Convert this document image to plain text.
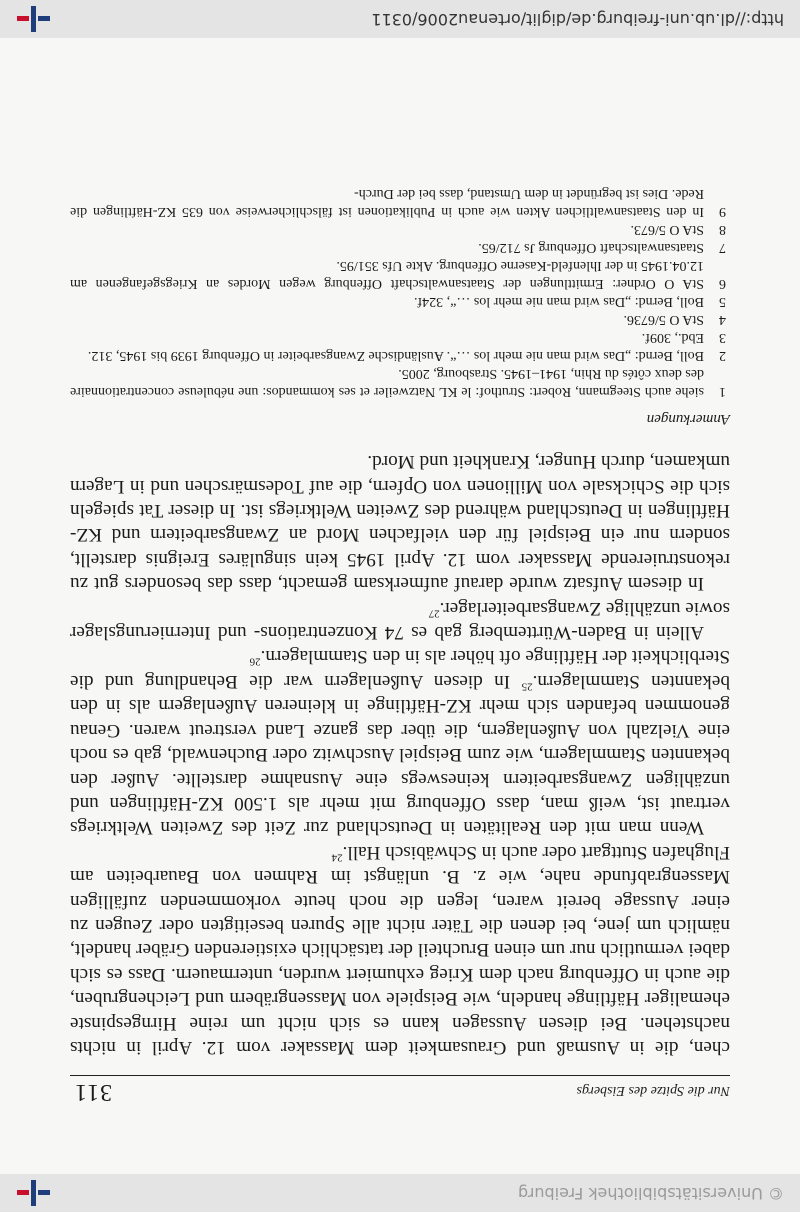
© Universitätsbibliothek Freiburg
Nur die Spitze des Eisbergs
311

chen, die in Ausmaß und Grausamkeit dem Massaker vom 12. April in nichts nachstehen. Bei diesen Aussagen kann es sich nicht um reine Hirngespinste ehemaliger Häftlinge handeln, wie Beispiele von Massengräbern und Leichengruben, die auch in Offenburg nach dem Krieg exhumiert wurden, untermauern. Dass es sich dabei vermutlich nur um einen Bruchteil der tatsächlich existierenden Gräber handelt, nämlich um jene, bei denen die Täter nicht alle Spuren beseitigten oder Zeugen zu einer Aussage bereit waren, legen die noch heute vorkommenden zufälligen Massengrabfunde nahe, wie z. B. unlängst im Rahmen von Bauarbeiten am Flughafen Stuttgart oder auch in Schwäbisch Hall.$^{24}$

Wenn man mit den Realitäten in Deutschland zur Zeit des Zweiten Weltkriegs vertraut ist, weiß man, dass Offenburg mit mehr als 1.500 KZ-Häftlingen und unzähligen Zwangsarbeitern keineswegs eine Ausnahme darstellte. Außer den bekannten Stammlagern, wie zum Beispiel Auschwitz oder Buchenwald, gab es noch eine Vielzahl von Außenlagern, die über das ganze Land verstreut waren. Genau genommen befanden sich mehr KZ-Häftlinge in kleineren Außenlagern als in den bekannten Stammlagern.$^{25}$ In diesen Außenlagern war die Behandlung und die Sterblichkeit der Häftlinge oft höher als in den Stammlagern.$^{26}$

Allein in Baden-Württemberg gab es 74 Konzentrations- und Internierungslager sowie unzählige Zwangsarbeiterlager.$^{27}$

In diesem Aufsatz wurde darauf aufmerksam gemacht, dass das besonders gut zu rekonstruierende Massaker vom 12. April 1945 kein singuläres Ereignis darstellt, sondern nur ein Beispiel für den vielfachen Mord an Zwangsarbeitern und KZ-Häftlingen in Deutschland während des Zweiten Weltkriegs ist. In dieser Tat spiegeln sich die Schicksale von Millionen von Opfern, die auf Todesmärschen und in Lagern umkamen, durch Hunger, Krankheit und Mord.

Anmerkungen
1
siehe auch Steegmann, Robert: Struthof: le KL Natzweiler et ses kommandos: une nébuleuse concentrationnaire des deux côtés du Rhin, 1941–1945. Strasbourg, 2005.
2
Boll, Bernd: „Das wird man nie mehr los …“. Ausländische Zwangsarbeiter in Offenburg 1939 bis 1945, 312.
3
Ebd., 309f.
4
StA O 5/6736.
5
Boll, Bernd: „Das wird man nie mehr los …“, 324f.
6
StA O Ordner: Ermittlungen der Staatsanwaltschaft Offenburg wegen Mordes an Kriegsgefangenen am 12.04.1945 in der Ihlenfeld-Kaserne Offenburg. Akte Ufs 351/95.
7
Staatsanwaltschaft Offenburg Js 712/65.
8
StA O 5/673.
9
In den Staatsanwaltlichen Akten wie auch in Publikationen ist fälschlicherweise von 635 KZ-Häftlingen die Rede. Dies ist begründet in dem Umstand, dass bei der Durch-
http://dl.ub.uni-freiburg.de/diglit/ortenau2006/0311
